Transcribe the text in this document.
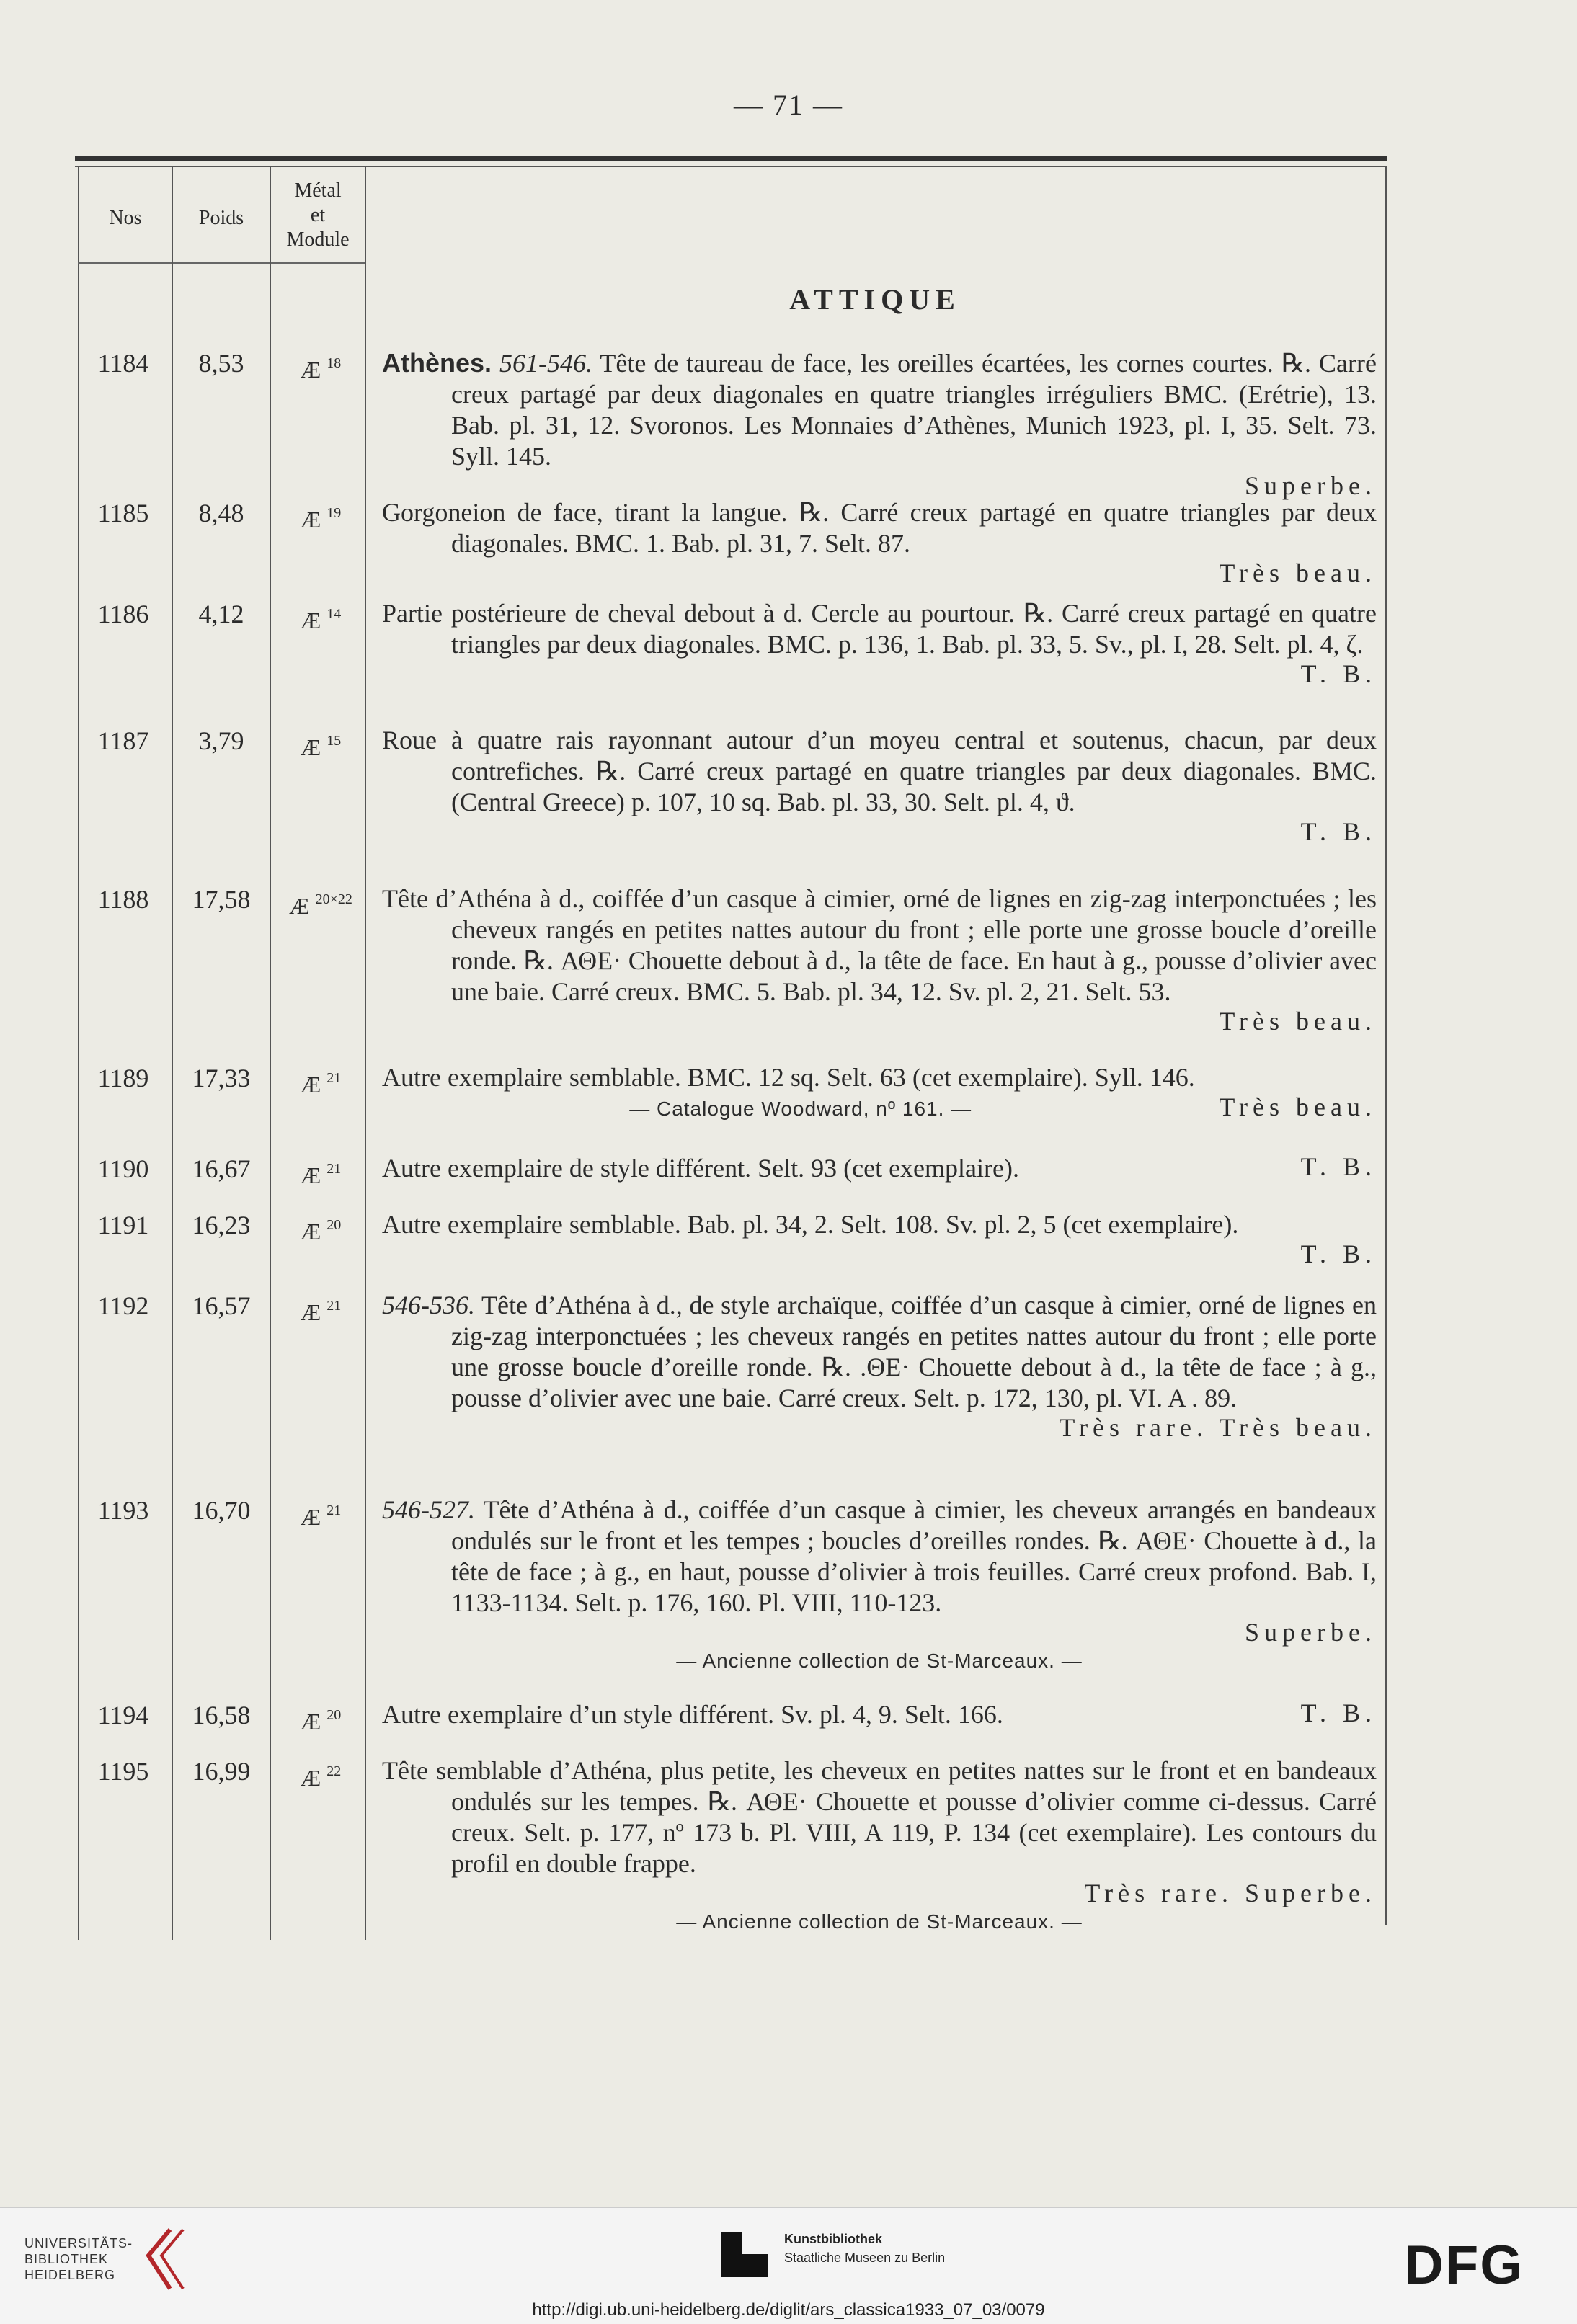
— 71 —
Nos	Poids
Métal
et
Module
ATTIQUE
1184	8,53	Æ $^{18}$	Athènes. 561-546. Tête de taureau de face, les oreilles écartées, les cornes courtes. ℞. Carré creux partagé par deux diagonales en quatre triangles irréguliers BMC. (Erétrie), 13. Bab. pl. 31, 12. Svoronos. Les Monnaies d’Athènes, Munich 1923, pl. I, 35. Selt. 73. Syll. 145.

Superbe.
1185	8,48	Æ $^{19}$	Gorgoneion de face, tirant la langue. ℞. Carré creux partagé en quatre triangles par deux diagonales. BMC. 1. Bab. pl. 31, 7. Selt. 87.

Très beau.
1186	4,12	Æ $^{14}$	Partie postérieure de cheval debout à d. Cercle au pourtour. ℞. Carré creux partagé en quatre triangles par deux diagonales. BMC. p. 136, 1. Bab. pl. 33, 5. Sv., pl. I, 28. Selt. pl. 4, ζ.

T. B.
1187	3,79	Æ $^{15}$	Roue à quatre rais rayonnant autour d’un moyeu central et soutenus, chacun, par deux contrefiches. ℞. Carré creux partagé en quatre triangles par deux diagonales. BMC. (Central Greece) p. 107, 10 sq. Bab. pl. 33, 30. Selt. pl. 4, ϑ.

T. B.
1188	17,58	Æ $^{20\times 22}$	Tête d’Athéna à d., coiffée d’un casque à cimier, orné de lignes en zig-zag interponctuées ; les cheveux rangés en petites nattes autour du front ; elle porte une grosse boucle d’oreille ronde. ℞. ΑΘΕ· Chouette debout à d., la tête de face. En haut à g., pousse d’olivier avec une baie. Carré creux. BMC. 5. Bab. pl. 34, 12. Sv. pl. 2, 21. Selt. 53.

Très beau.
1189	17,33	Æ $^{21}$	Autre exemplaire semblable. BMC. 12 sq. Selt. 63 (cet exemplaire). Syll. 146.

— Catalogue Woodward, nº 161. —	Très beau.
1190	16,67	Æ $^{21}$	Autre exemplaire de style différent. Selt. 93 (cet exemplaire).	T. B.
1191	16,23	Æ $^{20}$	Autre exemplaire semblable. Bab. pl. 34, 2. Selt. 108. Sv. pl. 2, 5 (cet exemplaire).

T. B.
1192	16,57	Æ $^{21}$	546-536. Tête d’Athéna à d., de style archaïque, coiffée d’un casque à cimier, orné de lignes en zig-zag interponctuées ; les cheveux rangés en petites nattes autour du front ; elle porte une grosse boucle d’oreille ronde. ℞. .ΘΕ· Chouette debout à d., la tête de face ; à g., pousse d’olivier avec une baie. Carré creux. Selt. p. 172, 130, pl. VI. A . 89.

Très rare. Très beau.
1193	16,70	Æ $^{21}$	546-527. Tête d’Athéna à d., coiffée d’un casque à cimier, les cheveux arrangés en bandeaux ondulés sur le front et les tempes ; boucles d’oreilles rondes. ℞. ΑΘΕ· Chouette à d., la tête de face ; à g., en haut, pousse d’olivier à trois feuilles. Carré creux profond. Bab. I, 1133-1134. Selt. p. 176, 160. Pl. VIII, 110-123.

Superbe.
— Ancienne collection de St-Marceaux. —
1194	16,58	Æ $^{20}$	Autre exemplaire d’un style différent. Sv. pl. 4, 9. Selt. 166.	T. B.
1195	16,99	Æ $^{22}$	Tête semblable d’Athéna, plus petite, les cheveux en petites nattes sur le front et en bandeaux ondulés sur les tempes. ℞. ΑΘΕ· Chouette et pousse d’olivier comme ci-dessus. Carré creux. Selt. p. 177, nº 173 b. Pl. VIII, A 119, P. 134 (cet exemplaire). Les contours du profil en double frappe.

Très rare. Superbe.
— Ancienne collection de St-Marceaux. —
UNIVERSITÄTS-
BIBLIOTHEK
HEIDELBERG
Kunstbibliothek
Staatliche Museen zu Berlin	DFG
http://digi.ub.uni-heidelberg.de/diglit/ars_classica1933_07_03/0079
